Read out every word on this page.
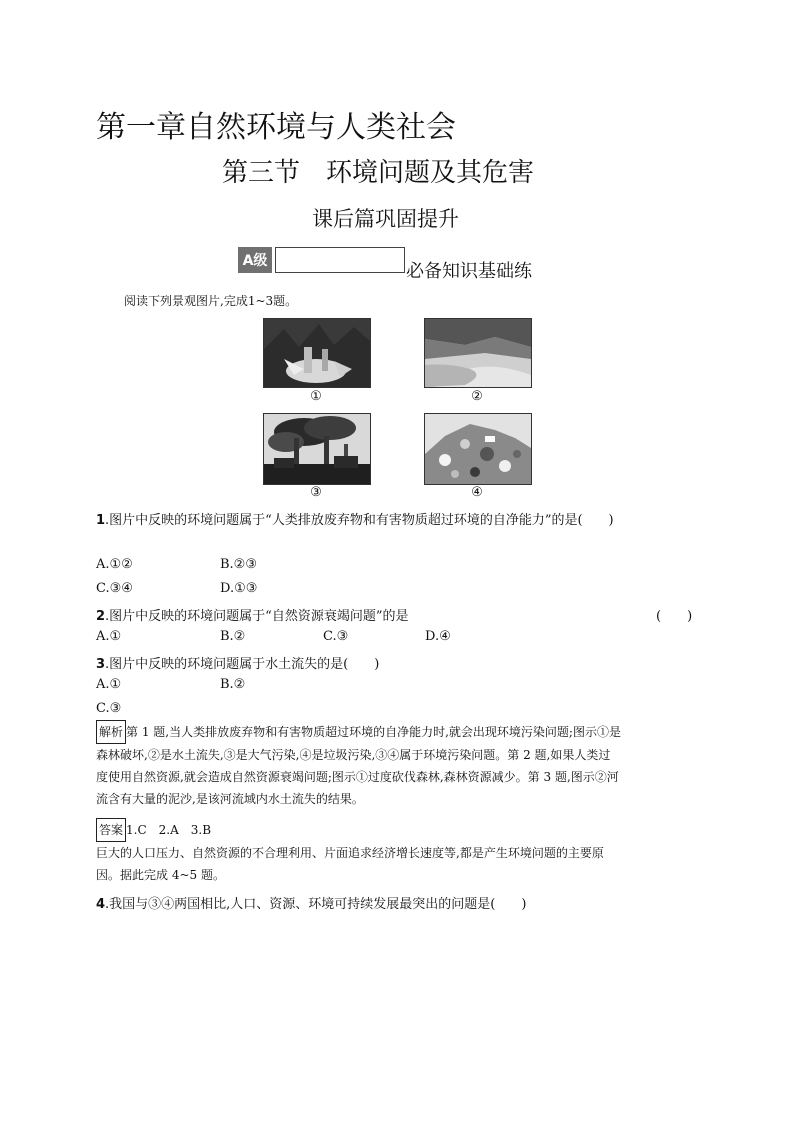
第一章自然环境与人类社会
第三节　环境问题及其危害
课后篇巩固提升
A级	必备知识基础练
阅读下列景观图片,完成1~3题。
①	②
③	④
1.图片中反映的环境问题属于“人类排放废弃物和有害物质超过环境的自净能力”的是(　　)
A.①②	B.②③
C.③④	D.①③
2.图片中反映的环境问题属于“自然资源衰竭问题”的是	(　　)
A.①	B.②	C.③	D.④
3.图片中反映的环境问题属于水土流失的是(　　)
A.①	B.②
C.③
解析 第 1 题,当人类排放废弃物和有害物质超过环境的自净能力时,就会出现环境污染问题;图示①是
森林破坏,②是水土流失,③是大气污染,④是垃圾污染,③④属于环境污染问题。第 2 题,如果人类过
度使用自然资源,就会造成自然资源衰竭问题;图示①过度砍伐森林,森林资源减少。第 3 题,图示②河
流含有大量的泥沙,是该河流域内水土流失的结果。
答案 1.C　2.A　3.B
巨大的人口压力、自然资源的不合理利用、片面追求经济增长速度等,都是产生环境问题的主要原
因。据此完成 4~5 题。
4.我国与③④两国相比,人口、资源、环境可持续发展最突出的问题是(　　)
